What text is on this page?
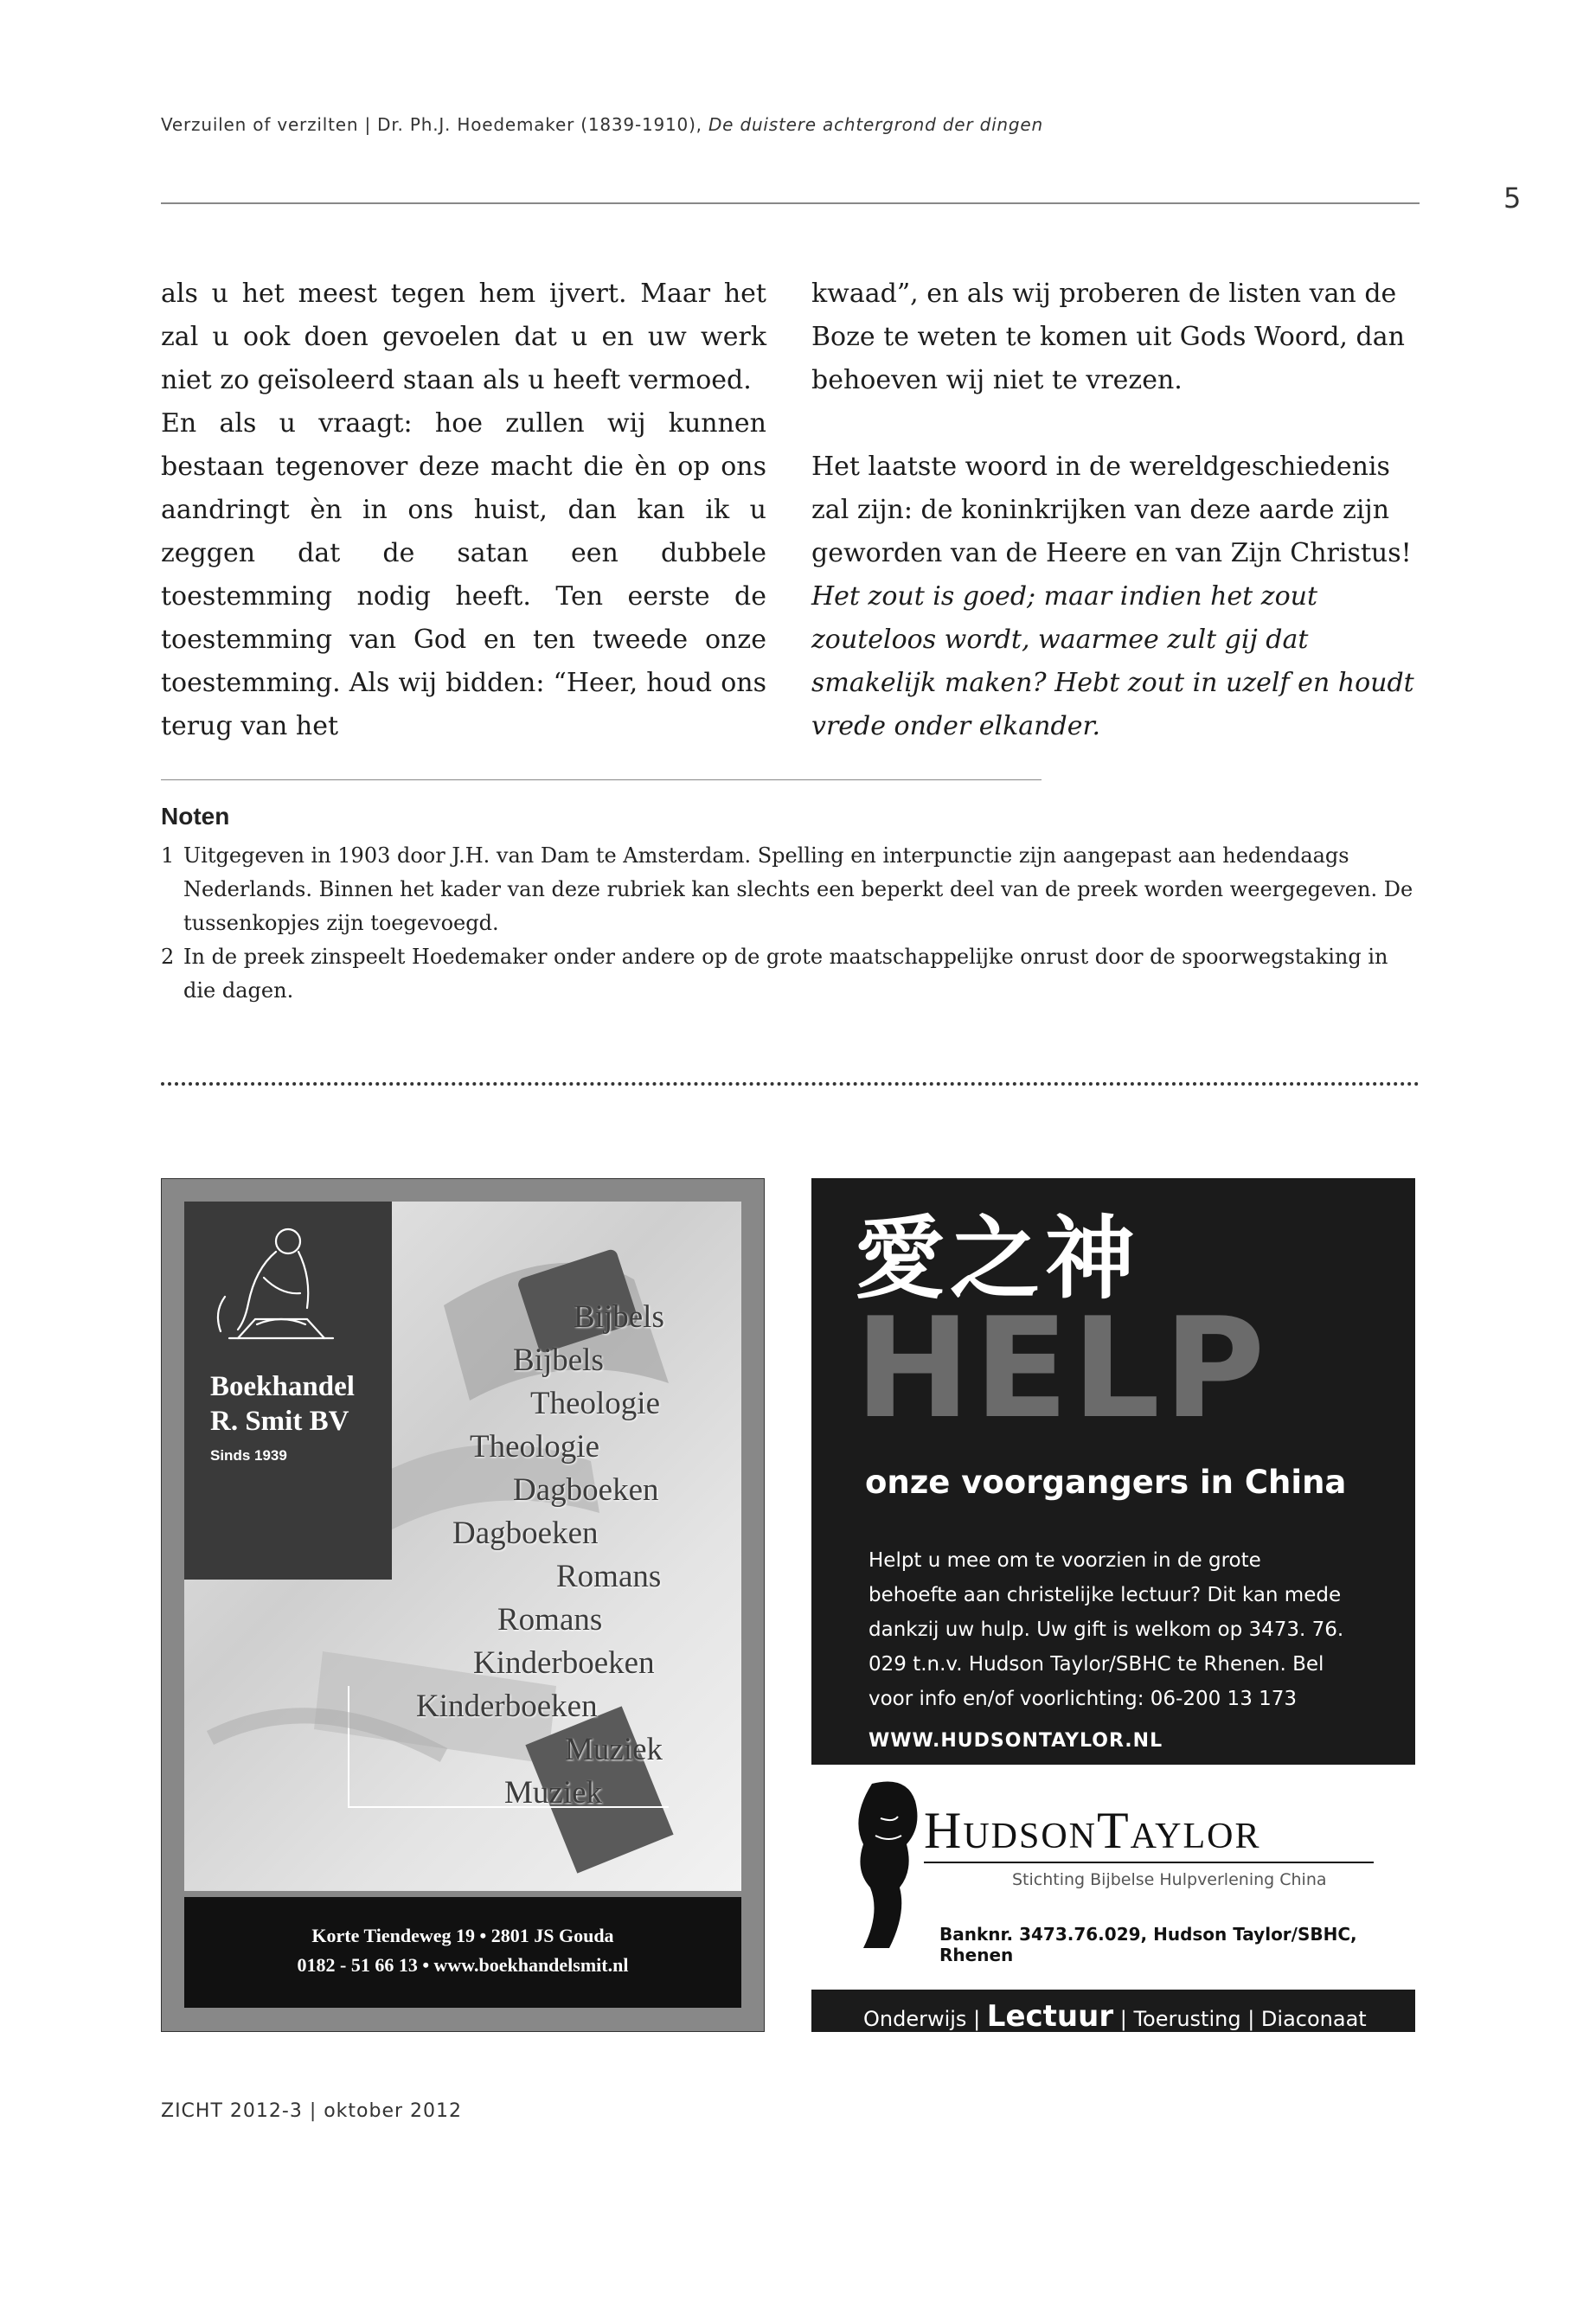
Verzuilen of verzilten | Dr. Ph.J. Hoedemaker (1839-1910), De duistere achtergrond der dingen
5

als u het meest tegen hem ijvert. Maar het zal u ook doen gevoelen dat u en uw werk niet zo geïsoleerd staan als u heeft vermoed.

En als u vraagt: hoe zullen wij kunnen bestaan tegenover deze macht die èn op ons aandringt èn in ons huist, dan kan ik u zeggen dat de satan een dubbele toestemming nodig heeft. Ten eerste de toestemming van God en ten tweede onze toestemming. Als wij bidden: “Heer, houd ons terug van het

kwaad”, en als wij proberen de listen van de Boze te weten te komen uit Gods Woord, dan behoeven wij niet te vrezen.

Het laatste woord in de wereldgeschiedenis zal zijn: de koninkrijken van deze aarde zijn geworden van de Heere en van Zijn Christus!

Het zout is goed; maar indien het zout zouteloos wordt, waarmee zult gij dat smakelijk maken? Hebt zout in uzelf en houdt vrede onder elkander.

Noten
1 Uitgegeven in 1903 door J.H. van Dam te Amsterdam. Spelling en interpunctie zijn aangepast aan hedendaags Nederlands. Binnen het kader van deze rubriek kan slechts een beperkt deel van de preek worden weergegeven. De tussenkopjes zijn toegevoegd.
2 In de preek zinspeelt Hoedemaker onder andere op de grote maatschappelijke onrust door de spoorwegstaking in die dagen.
Boekhandel
R. Smit BV
Sinds 1939
Bijbels
Bijbels
Theologie
Theologie
Dagboeken
Dagboeken
Romans
Romans
Kinderboeken
Kinderboeken
Muziek
Muziek
Korte Tiendeweg 19 • 2801 JS Gouda
0182 - 51 66 13 • www.boekhandelsmit.nl
愛之神
HELP
onze voorgangers in China
Helpt u mee om te voorzien in de grote behoefte aan christelijke lectuur? Dit kan mede dankzij uw hulp. Uw gift is welkom op 3473. 76. 029 t.n.v. Hudson Taylor/SBHC te Rhenen. Bel voor info en/of voorlichting: 06-200 13 173
WWW.HUDSONTAYLOR.NL
HudsonTaylor
Stichting Bijbelse Hulpverlening China
Banknr. 3473.76.029, Hudson Taylor/SBHC, Rhenen
Onderwijs | Lectuur | Toerusting | Diaconaat
ZICHT 2012-3 | oktober 2012
